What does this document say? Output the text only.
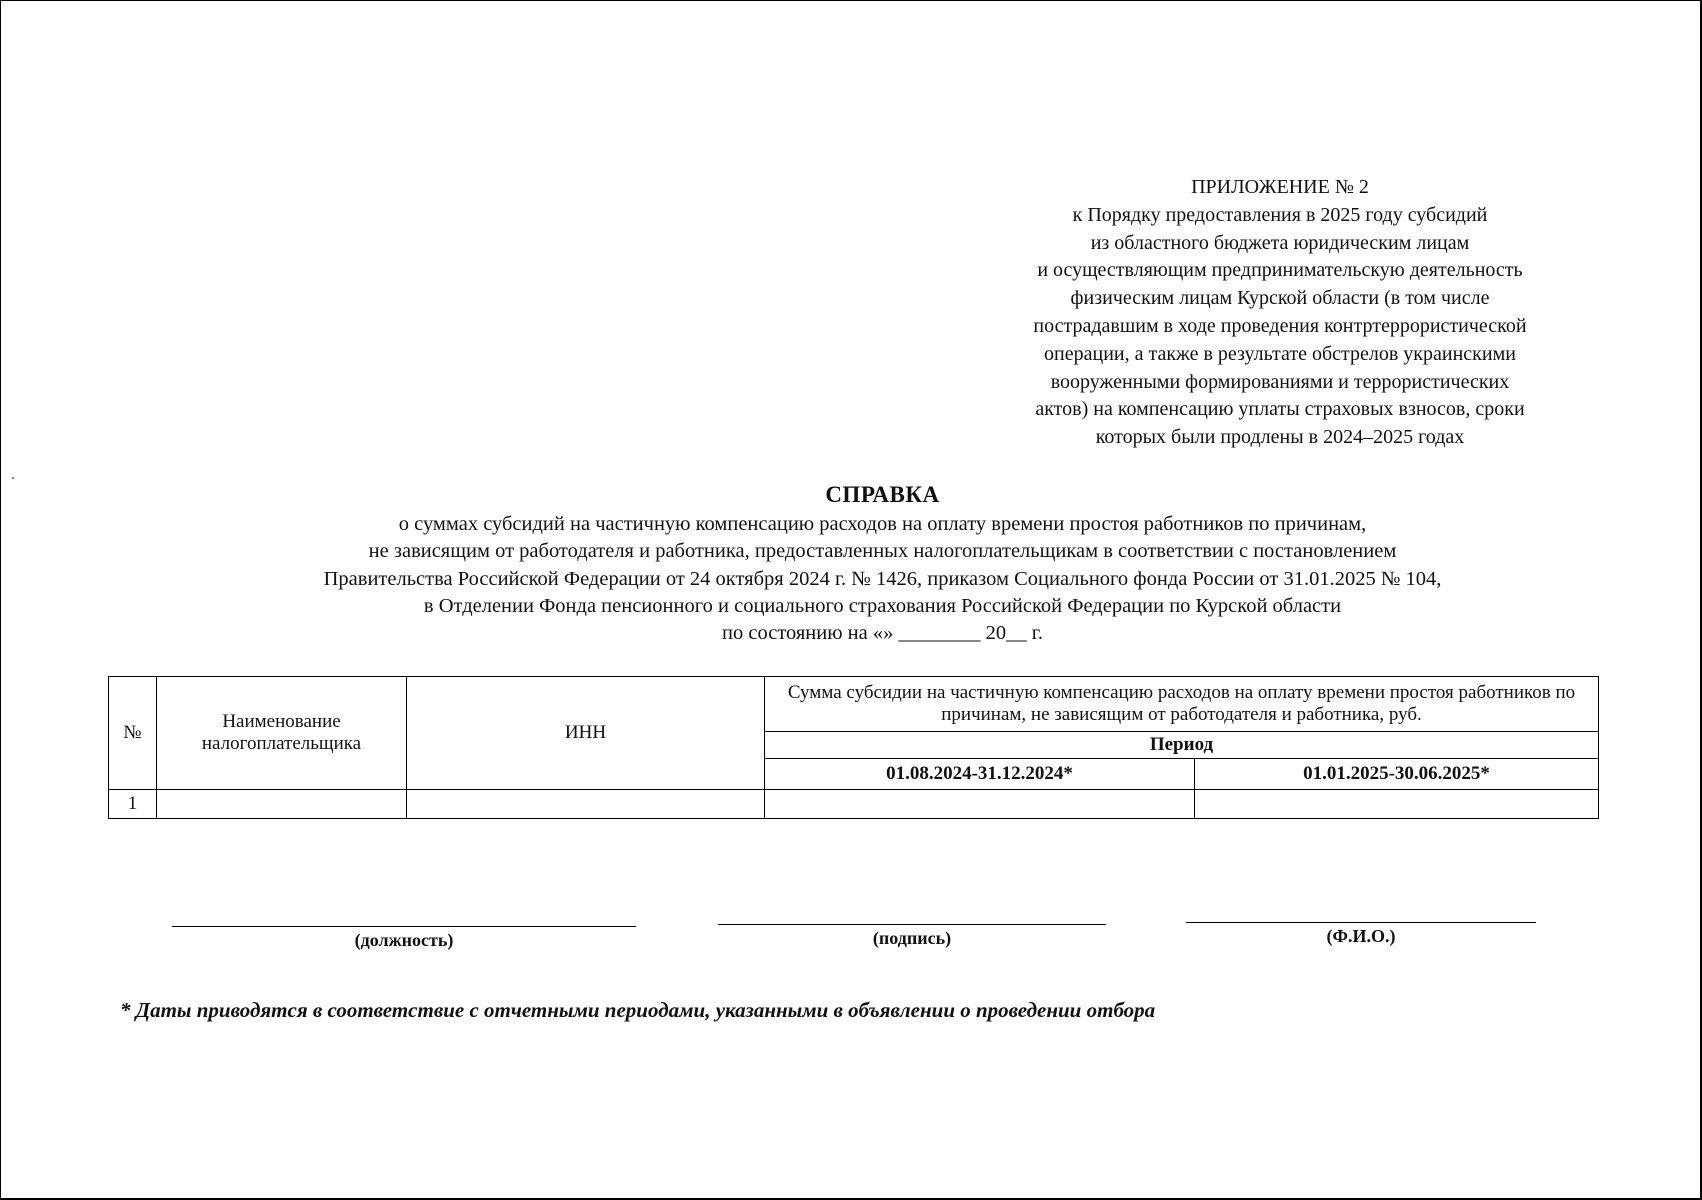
ПРИЛОЖЕНИЕ № 2
к Порядку предоставления в 2025 году субсидий
из областного бюджета юридическим лицам
и осуществляющим предпринимательскую деятельность
физическим лицам Курской области (в том числе
пострадавшим в ходе проведения контртеррористической
операции, а также в результате обстрелов украинскими
вооруженными формированиями и террористических
актов) на компенсацию уплаты страховых взносов, сроки
которых были продлены в 2024–2025 годах
СПРАВКА
о суммах субсидий на частичную компенсацию расходов на оплату времени простоя работников по причинам,
не зависящим от работодателя и работника, предоставленных налогоплательщикам в соответствии с постановлением
Правительства Российской Федерации от 24 октября 2024 г. № 1426, приказом Социального фонда России от 31.01.2025 № 104,
в Отделении Фонда пенсионного и социального страхования Российской Федерации по Курской области
по состоянию на «» ________ 20__ г.
№	Наименование налогоплательщика	ИНН	Сумма субсидии на частичную компенсацию расходов на оплату времени простоя работников по причинам, не зависящим от работодателя и работника, руб.	
			Период	
			01.08.2024-31.12.2024*	01.01.2025-30.06.2025*
1				
(должность)	(подпись)	(Ф.И.О.)
* Даты приводятся в соответствие с отчетными периодами, указанными в объявлении о проведении отбора
